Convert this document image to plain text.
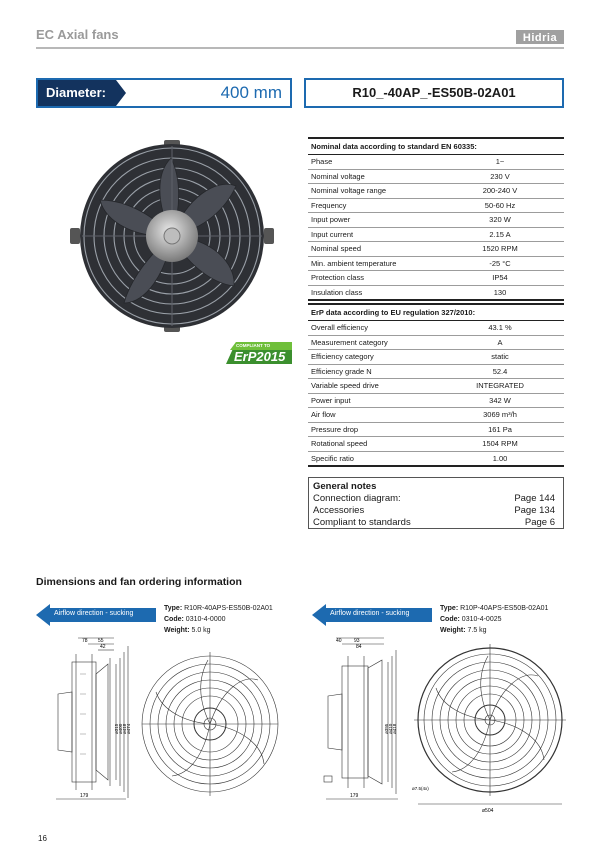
EC Axial fans	Hidria
Diameter:	400 mm	R10_-40AP_-ES50B-02A01
COMPLIANT TO
ErP2015
Nominal data according to standard EN 60335:	
Phase	1~
Nominal voltage	230 V
Nominal voltage range	200-240 V
Frequency	50-60 Hz
Input power	320 W
Input current	2.15 A
Nominal speed	1520 RPM
Min. ambient temperature	-25 °C
Protection class	IP54
Insulation class	130
ErP data according to EU regulation 327/2010:	
Overall efficiency	43.1 %
Measurement category	A
Efficiency category	static
Efficiency grade N	52.4
Variable speed drive	INTEGRATED
Power input	342 W
Air flow	3069 m³/h
Pressure drop	161 Pa
Rotational speed	1504 RPM
Specific ratio	1.00
General notes
Connection diagram:	Page 144
Accessories	Page 134
Compliant to standards	Page 6
Dimensions and fan ordering information
Airflow direction - sucking
Type: R10R-40APS-ES50B-02A01
Code: 0310-4-0000
Weight: 5.0 kg
Airflow direction - sucking
Type: R10P-40APS-ES50B-02A01
Code: 0310-4-0025
Weight: 7.5 kg
78 55
42
ø315 ø400 ø418 ø474
179
40 93
84
ø395 ø410 ø418
179
ø7.5(4x)
ø504
16
